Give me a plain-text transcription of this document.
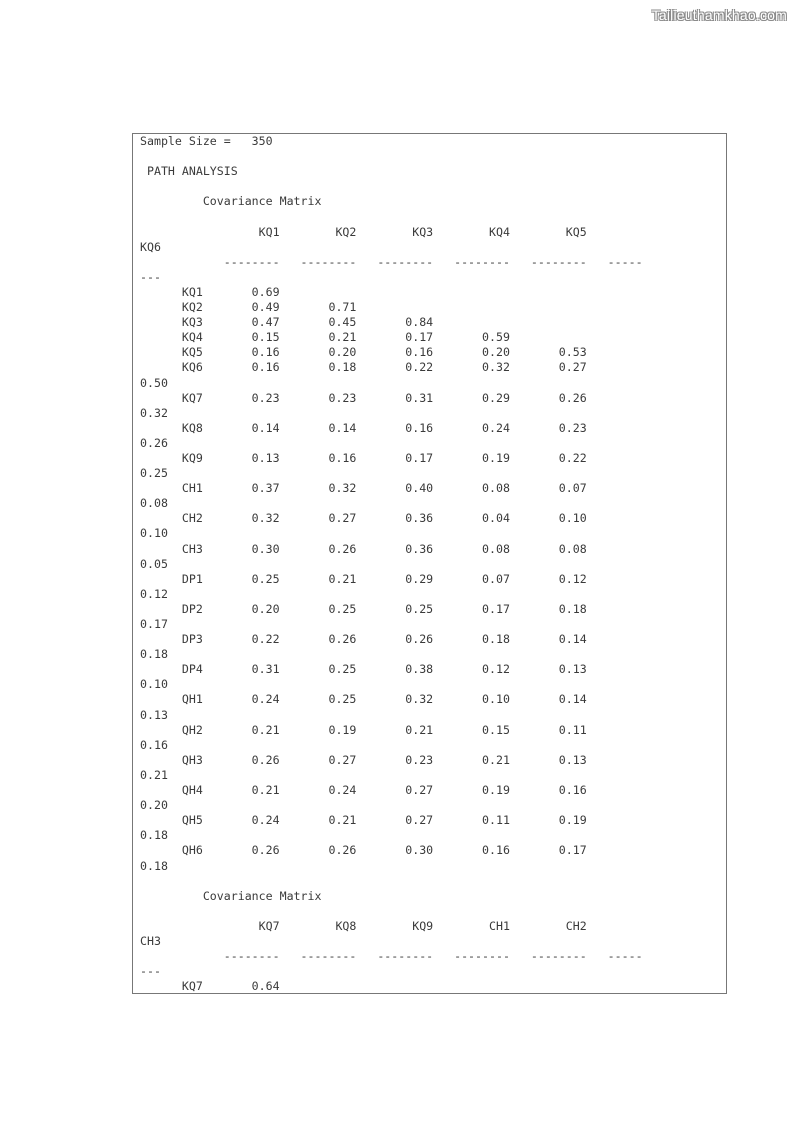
Tailieuthamkhao.com
Sample Size =   350
PATH ANALYSIS
Covariance Matrix
KQ1        KQ2        KQ3        KQ4        KQ5
KQ6
--------   --------   --------   --------   --------   -----
---
KQ1       0.69
KQ2       0.49       0.71
KQ3       0.47       0.45       0.84
KQ4       0.15       0.21       0.17       0.59
KQ5       0.16       0.20       0.16       0.20       0.53
KQ6       0.16       0.18       0.22       0.32       0.27
0.50
KQ7       0.23       0.23       0.31       0.29       0.26
0.32
KQ8       0.14       0.14       0.16       0.24       0.23
0.26
KQ9       0.13       0.16       0.17       0.19       0.22
0.25
CH1       0.37       0.32       0.40       0.08       0.07
0.08
CH2       0.32       0.27       0.36       0.04       0.10
0.10
CH3       0.30       0.26       0.36       0.08       0.08
0.05
DP1       0.25       0.21       0.29       0.07       0.12
0.12
DP2       0.20       0.25       0.25       0.17       0.18
0.17
DP3       0.22       0.26       0.26       0.18       0.14
0.18
DP4       0.31       0.25       0.38       0.12       0.13
0.10
QH1       0.24       0.25       0.32       0.10       0.14
0.13
QH2       0.21       0.19       0.21       0.15       0.11
0.16
QH3       0.26       0.27       0.23       0.21       0.13
0.21
QH4       0.21       0.24       0.27       0.19       0.16
0.20
QH5       0.24       0.21       0.27       0.11       0.19
0.18
QH6       0.26       0.26       0.30       0.16       0.17
0.18
Covariance Matrix
KQ7        KQ8        KQ9        CH1        CH2
CH3
--------   --------   --------   --------   --------   -----
---
KQ7       0.64
